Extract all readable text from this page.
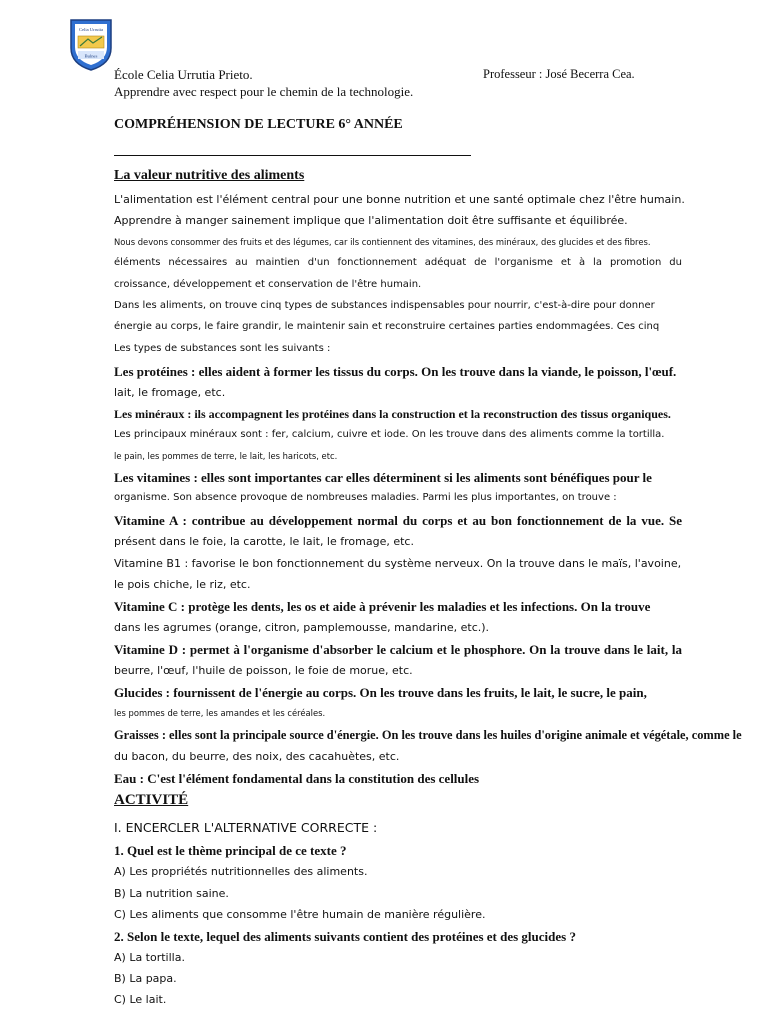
Celia Urrutia
Bulnes
École Celia Urrutia Prieto.	Professeur : José Becerra Cea.
Apprendre avec respect pour le chemin de la technologie.
COMPRÉHENSION DE LECTURE 6° ANNÉE
La valeur nutritive des aliments
L'alimentation est l'élément central pour une bonne nutrition et une santé optimale chez l'être humain.
Apprendre à manger sainement implique que l'alimentation doit être suffisante et équilibrée.
Nous devons consommer des fruits et des légumes, car ils contiennent des vitamines, des minéraux, des glucides et des fibres.
éléments nécessaires au maintien d'un fonctionnement adéquat de l'organisme et à la promotion du
croissance, développement et conservation de l'être humain.
Dans les aliments, on trouve cinq types de substances indispensables pour nourrir, c'est-à-dire pour donner
énergie au corps, le faire grandir, le maintenir sain et reconstruire certaines parties endommagées. Ces cinq
Les types de substances sont les suivants :
Les protéines : elles aident à former les tissus du corps. On les trouve dans la viande, le poisson, l'œuf.
lait, le fromage, etc.
Les minéraux : ils accompagnent les protéines dans la construction et la reconstruction des tissus organiques.
Les principaux minéraux sont : fer, calcium, cuivre et iode. On les trouve dans des aliments comme la tortilla.
le pain, les pommes de terre, le lait, les haricots, etc.
Les vitamines : elles sont importantes car elles déterminent si les aliments sont bénéfiques pour le
organisme. Son absence provoque de nombreuses maladies. Parmi les plus importantes, on trouve :
Vitamine A : contribue au développement normal du corps et au bon fonctionnement de la vue. Se
présent dans le foie, la carotte, le lait, le fromage, etc.
Vitamine B1 : favorise le bon fonctionnement du système nerveux. On la trouve dans le maïs, l'avoine,
le pois chiche, le riz, etc.
Vitamine C : protège les dents, les os et aide à prévenir les maladies et les infections. On la trouve
dans les agrumes (orange, citron, pamplemousse, mandarine, etc.).
Vitamine D : permet à l'organisme d'absorber le calcium et le phosphore. On la trouve dans le lait, la
beurre, l'œuf, l'huile de poisson, le foie de morue, etc.
Glucides : fournissent de l'énergie au corps. On les trouve dans les fruits, le lait, le sucre, le pain,
les pommes de terre, les amandes et les céréales.
Graisses : elles sont la principale source d'énergie. On les trouve dans les huiles d'origine animale et végétale, comme le
du bacon, du beurre, des noix, des cacahuètes, etc.
Eau : C'est l'élément fondamental dans la constitution des cellules
ACTIVITÉ
I. ENCERCLER L'ALTERNATIVE CORRECTE :
1. Quel est le thème principal de ce texte ?
A) Les propriétés nutritionnelles des aliments.
B) La nutrition saine.
C) Les aliments que consomme l'être humain de manière régulière.
2. Selon le texte, lequel des aliments suivants contient des protéines et des glucides ?
A) La tortilla.
B) La papa.
C) Le lait.
